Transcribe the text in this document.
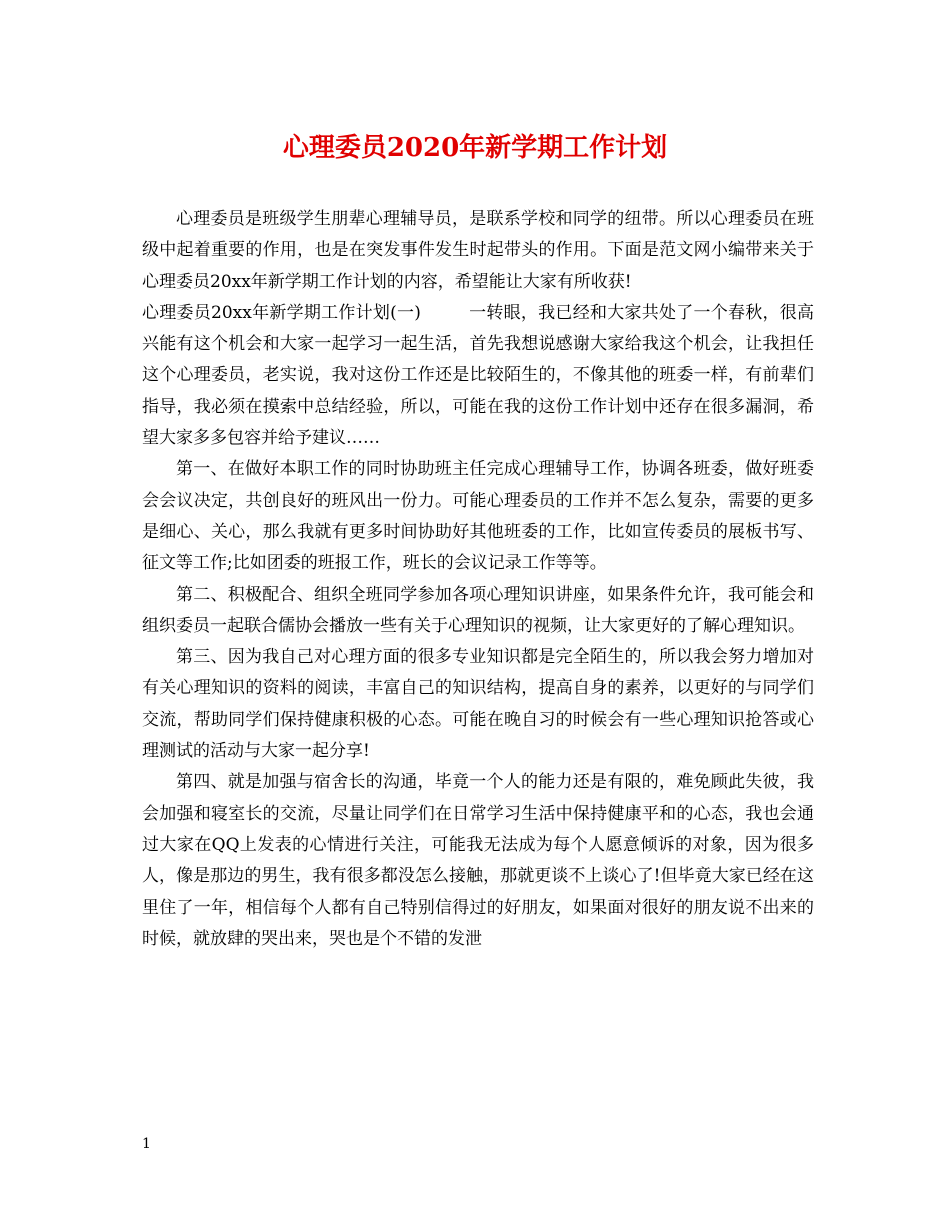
心理委员2020年新学期工作计划

心理委员是班级学生朋辈心理辅导员，是联系学校和同学的纽带。所以心理委员在班级中起着重要的作用，也是在突发事件发生时起带头的作用。下面是范文网小编带来关于心理委员20xx年新学期工作计划的内容，希望能让大家有所收获!

心理委员20xx年新学期工作计划(一)	一转眼，我已经和大家共处了一个春秋，很高兴能有这个机会和大家一起学习一起生活，首先我想说感谢大家给我这个机会，让我担任这个心理委员，老实说，我对这份工作还是比较陌生的，不像其他的班委一样，有前辈们指导，我必须在摸索中总结经验，所以，可能在我的这份工作计划中还存在很多漏洞，希望大家多多包容并给予建议……

第一、在做好本职工作的同时协助班主任完成心理辅导工作，协调各班委，做好班委会会议决定，共创良好的班风出一份力。可能心理委员的工作并不怎么复杂，需要的更多是细心、关心，那么我就有更多时间协助好其他班委的工作，比如宣传委员的展板书写、征文等工作;比如团委的班报工作，班长的会议记录工作等等。

第二、积极配合、组织全班同学参加各项心理知识讲座，如果条件允许，我可能会和组织委员一起联合儒协会播放一些有关于心理知识的视频，让大家更好的了解心理知识。

第三、因为我自己对心理方面的很多专业知识都是完全陌生的，所以我会努力增加对有关心理知识的资料的阅读，丰富自己的知识结构，提高自身的素养，以更好的与同学们交流，帮助同学们保持健康积极的心态。可能在晚自习的时候会有一些心理知识抢答或心理测试的活动与大家一起分享!

第四、就是加强与宿舍长的沟通，毕竟一个人的能力还是有限的，难免顾此失彼，我会加强和寝室长的交流，尽量让同学们在日常学习生活中保持健康平和的心态，我也会通过大家在QQ上发表的心情进行关注，可能我无法成为每个人愿意倾诉的对象，因为很多人，像是那边的男生，我有很多都没怎么接触，那就更谈不上谈心了!但毕竟大家已经在这里住了一年，相信每个人都有自己特别信得过的好朋友，如果面对很好的朋友说不出来的时候，就放肆的哭出来，哭也是个不错的发泄

1
